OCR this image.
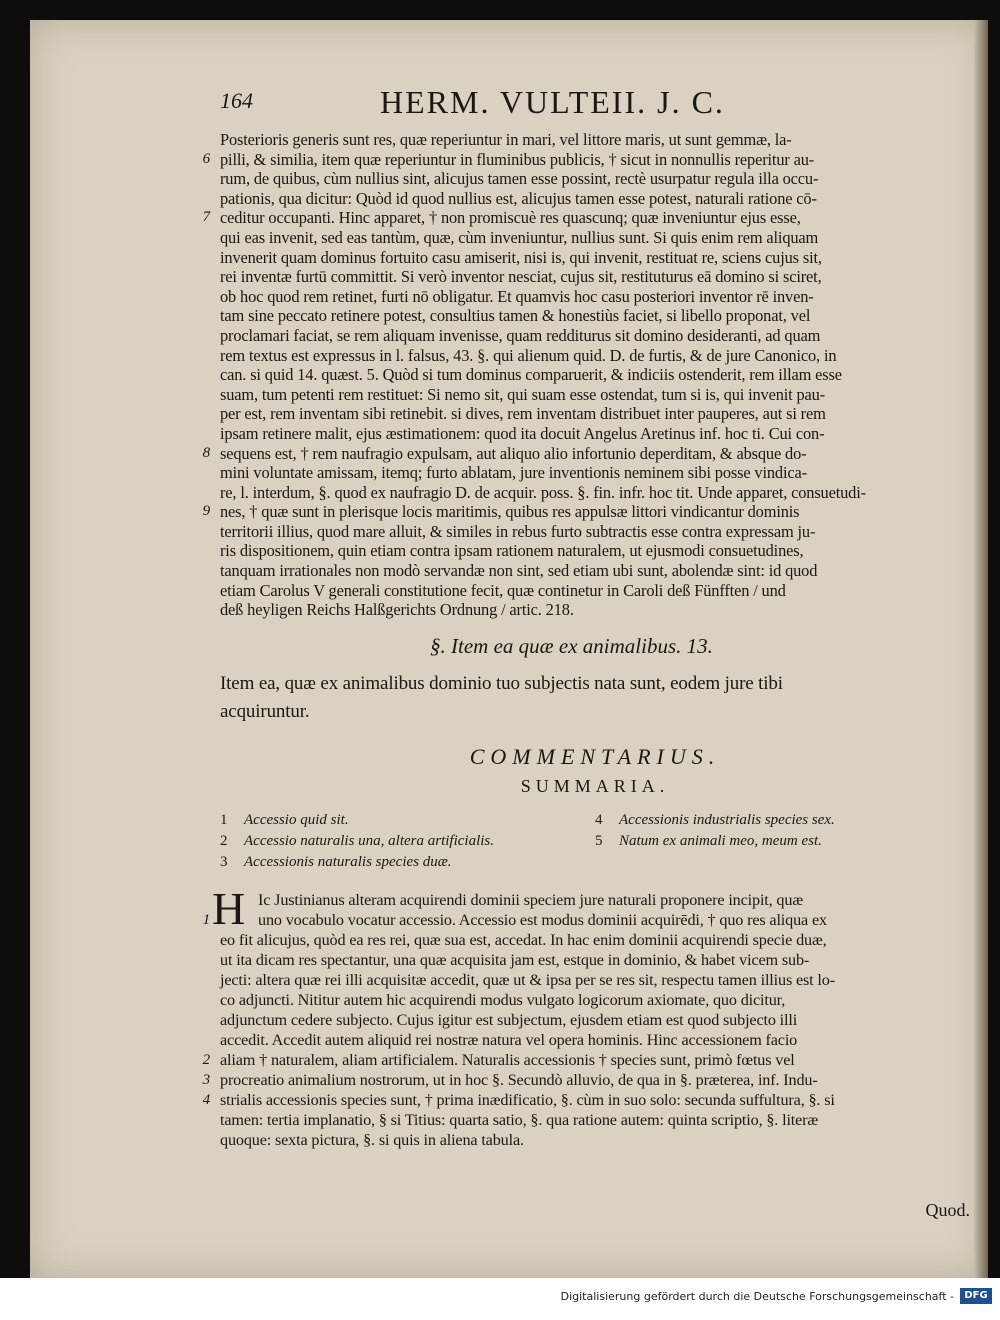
164	HERM. VULTEII. J. C.
Posterioris generis sunt res, quæ reperiuntur in mari, vel littore maris, ut sunt gemmæ, la-
6 pilli, & similia, item quæ reperiuntur in fluminibus publicis, † sicut in nonnullis reperitur au-
rum, de quibus, cùm nullius sint, alicujus tamen esse possint, rectè usurpatur regula illa occu-
pationis, qua dicitur: Quòd id quod nullius est, alicujus tamen esse potest, naturali ratione cō-
7 ceditur occupanti. Hinc apparet, † non promiscuè res quascunq; quæ inveniuntur ejus esse,
qui eas invenit, sed eas tantùm, quæ, cùm inveniuntur, nullius sunt. Si quis enim rem aliquam
invenerit quam dominus fortuito casu amiserit, nisi is, qui invenit, restituat re, sciens cujus sit,
rei inventæ furtū committit. Si verò inventor nesciat, cujus sit, restituturus eā domino si sciret,
ob hoc quod rem retinet, furti nō obligatur. Et quamvis hoc casu posteriori inventor rē inven-
tam sine peccato retinere potest, consultius tamen & honestiùs faciet, si libello proponat, vel
proclamari faciat, se rem aliquam invenisse, quam redditurus sit domino desideranti, ad quam
rem textus est expressus in l. falsus, 43. §. qui alienum quid. D. de furtis, & de jure Canonico, in
can. si quid 14. quæst. 5. Quòd si tum dominus comparuerit, & indiciis ostenderit, rem illam esse
suam, tum petenti rem restituet: Si nemo sit, qui suam esse ostendat, tum si is, qui invenit pau-
per est, rem inventam sibi retinebit. si dives, rem inventam distribuet inter pauperes, aut si rem
ipsam retinere malit, ejus æstimationem: quod ita docuit Angelus Aretinus inf. hoc ti. Cui con-
8 sequens est, † rem naufragio expulsam, aut aliquo alio infortunio deperditam, & absque do-
mini voluntate amissam, itemq; furto ablatam, jure inventionis neminem sibi posse vindica-
re, l. interdum, §. quod ex naufragio D. de acquir. poss. §. fin. infr. hoc tit. Unde apparet, consuetudi-
9 nes, † quæ sunt in plerisque locis maritimis, quibus res appulsæ littori vindicantur dominis
territorii illius, quod mare alluit, & similes in rebus furto subtractis esse contra expressam ju-
ris dispositionem, quin etiam contra ipsam rationem naturalem, ut ejusmodi consuetudines,
tanquam irrationales non modò servandæ non sint, sed etiam ubi sunt, abolendæ sint: id quod
etiam Carolus V generali constitutione fecit, quæ continetur in Caroli deß Fünfften / und
deß heyligen Reichs Halßgerichts Ordnung / artic. 218.
§. Item ea quæ ex animalibus. 13.
Item ea, quæ ex animalibus dominio tuo subjectis nata sunt, eodem jure tibi
acquiruntur.
COMMENTARIUS.
SUMMARIA.
1 Accessio quid sit.
2 Accessio naturalis una, altera artificialis.
3 Accessionis naturalis species duæ.
4 Accessionis industrialis species sex.
5 Natum ex animali meo, meum est.
H Ic Justinianus alteram acquirendi dominii speciem jure naturali proponere incipit, quæ
1	uno vocabulo vocatur accessio. Accessio est modus dominii acquirēdi, † quo res aliqua ex
eo fit alicujus, quòd ea res rei, quæ sua est, accedat. In hac enim dominii acquirendi specie duæ,
ut ita dicam res spectantur, una quæ acquisita jam est, estque in dominio, & habet vicem sub-
jecti: altera quæ rei illi acquisitæ accedit, quæ ut & ipsa per se res sit, respectu tamen illius est lo-
co adjuncti. Nititur autem hic acquirendi modus vulgato logicorum axiomate, quo dicitur,
adjunctum cedere subjecto. Cujus igitur est subjectum, ejusdem etiam est quod subjecto illi
accedit. Accedit autem aliquid rei nostræ natura vel opera hominis. Hinc accessionem facio
2 aliam † naturalem, aliam artificialem. Naturalis accessionis † species sunt, primò fœtus vel
3 procreatio animalium nostrorum, ut in hoc §. Secundò alluvio, de qua in §. præterea, inf. Indu-
4 strialis accessionis species sunt, † prima inædificatio, §. cùm in suo solo: secunda suffultura, §. si
tamen: tertia implanatio, § si Titius: quarta satio, §. qua ratione autem: quinta scriptio, §. literæ
quoque: sexta pictura, §. si quis in aliena tabula.
Quod.
Digitalisierung gefördert durch die Deutsche Forschungsgemeinschaft -	DFG
